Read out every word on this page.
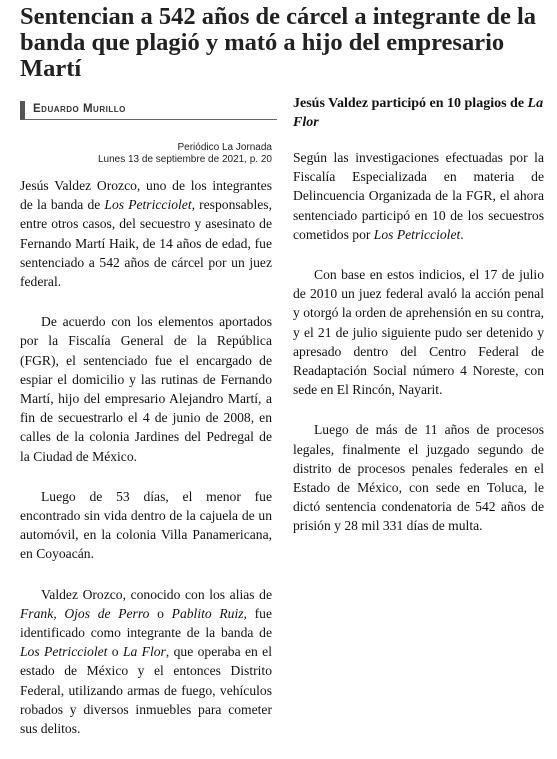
Sentencian a 542 años de cárcel a integrante de la banda que plagió y mató a hijo del empresario Martí
Eduardo Murillo
Periódico La Jornada
Lunes 13 de septiembre de 2021, p. 20

Jesús Valdez Orozco, uno de los integrantes de la banda de Los Petricciolet, responsables, entre otros casos, del secuestro y asesinato de Fernando Martí Haik, de 14 años de edad, fue sentenciado a 542 años de cárcel por un juez federal.

De acuerdo con los elementos aportados por la Fiscalía General de la República (FGR), el sentenciado fue el encargado de espiar el domicilio y las rutinas de Fernando Martí, hijo del empresario Alejandro Martí, a fin de secuestrarlo el 4 de junio de 2008, en calles de la colonia Jardines del Pedregal de la Ciudad de México.

Luego de 53 días, el menor fue encontrado sin vida dentro de la cajuela de un automóvil, en la colonia Villa Panamericana, en Coyoacán.

Valdez Orozco, conocido con los alias de Frank, Ojos de Perro o Pablito Ruiz, fue identificado como integrante de la banda de Los Petricciolet o La Flor, que operaba en el estado de México y el entonces Distrito Federal, utilizando armas de fuego, vehículos robados y diversos inmuebles para cometer sus delitos.

Jesús Valdez participó en 10 plagios de La Flor

Según las investigaciones efectuadas por la Fiscalía Especializada en materia de Delincuencia Organizada de la FGR, el ahora sentenciado participó en 10 de los secuestros cometidos por Los Petricciolet.

Con base en estos indicios, el 17 de julio de 2010 un juez federal avaló la acción penal y otorgó la orden de aprehensión en su contra, y el 21 de julio siguiente pudo ser detenido y apresado dentro del Centro Federal de Readaptación Social número 4 Noreste, con sede en El Rincón, Nayarit.

Luego de más de 11 años de procesos legales, finalmente el juzgado segundo de distrito de procesos penales federales en el Estado de México, con sede en Toluca, le dictó sentencia condenatoria de 542 años de prisión y 28 mil 331 días de multa.
